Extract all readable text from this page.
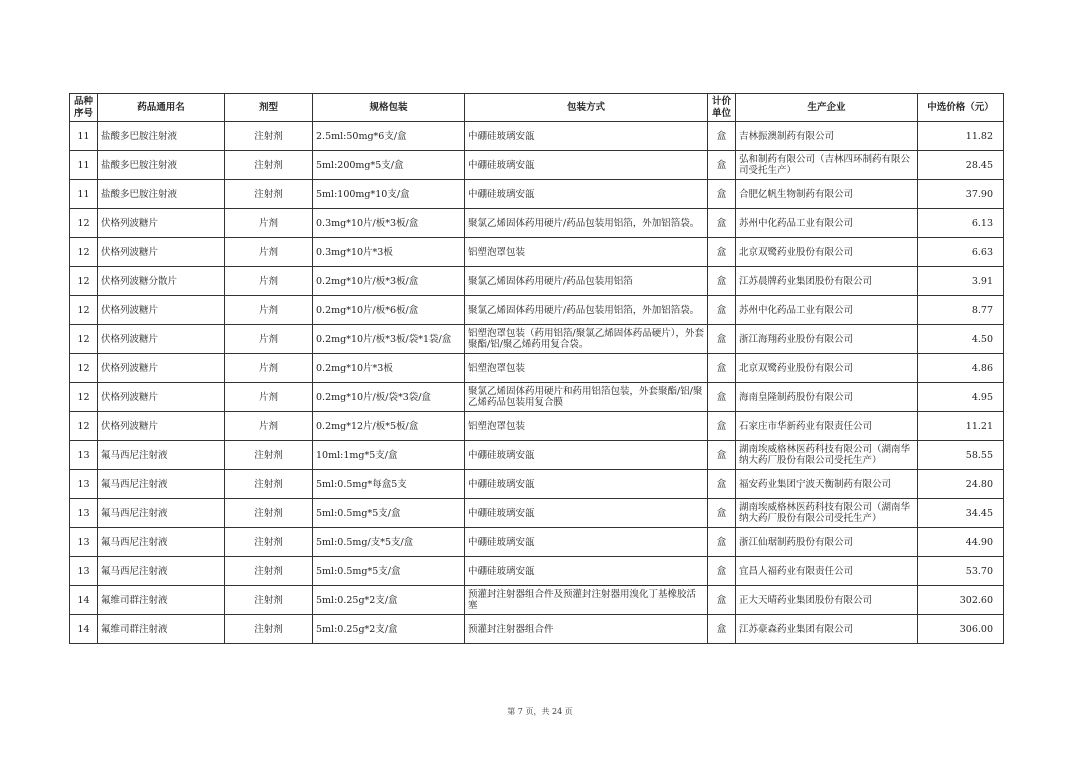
品种序号	药品通用名	剂型	规格包装	包装方式	计价单位	生产企业	中选价格（元）
11	盐酸多巴胺注射液	注射剂	2.5ml:50mg*6支/盒	中硼硅玻璃安瓿	盒	吉林振澳制药有限公司	11.82
11	盐酸多巴胺注射液	注射剂	5ml:200mg*5支/盒	中硼硅玻璃安瓿	盒	弘和制药有限公司（吉林四环制药有限公司受托生产）	28.45
11	盐酸多巴胺注射液	注射剂	5ml:100mg*10支/盒	中硼硅玻璃安瓿	盒	合肥亿帆生物制药有限公司	37.90
12	伏格列波糖片	片剂	0.3mg*10片/板*3板/盒	聚氯乙烯固体药用硬片/药品包装用铝箔，外加铝箔袋。	盒	苏州中化药品工业有限公司	6.13
12	伏格列波糖片	片剂	0.3mg*10片*3板	铝塑泡罩包装	盒	北京双鹭药业股份有限公司	6.63
12	伏格列波糖分散片	片剂	0.2mg*10片/板*3板/盒	聚氯乙烯固体药用硬片/药品包装用铝箔	盒	江苏晨牌药业集团股份有限公司	3.91
12	伏格列波糖片	片剂	0.2mg*10片/板*6板/盒	聚氯乙烯固体药用硬片/药品包装用铝箔，外加铝箔袋。	盒	苏州中化药品工业有限公司	8.77
12	伏格列波糖片	片剂	0.2mg*10片/板*3板/袋*1袋/盒	铝塑泡罩包装（药用铝箔/聚氯乙烯固体药品硬片），外套聚酯/铝/聚乙烯药用复合袋。	盒	浙江海翔药业股份有限公司	4.50
12	伏格列波糖片	片剂	0.2mg*10片*3板	铝塑泡罩包装	盒	北京双鹭药业股份有限公司	4.86
12	伏格列波糖片	片剂	0.2mg*10片/板/袋*3袋/盒	聚氯乙烯固体药用硬片和药用铝箔包装，外套聚酯/铝/聚乙烯药品包装用复合膜	盒	海南皇隆制药股份有限公司	4.95
12	伏格列波糖片	片剂	0.2mg*12片/板*5板/盒	铝塑泡罩包装	盒	石家庄市华新药业有限责任公司	11.21
13	氟马西尼注射液	注射剂	10ml:1mg*5支/盒	中硼硅玻璃安瓿	盒	湖南埃威格林医药科技有限公司（湖南华纳大药厂股份有限公司受托生产）	58.55
13	氟马西尼注射液	注射剂	5ml:0.5mg*每盒5支	中硼硅玻璃安瓿	盒	福安药业集团宁波天衡制药有限公司	24.80
13	氟马西尼注射液	注射剂	5ml:0.5mg*5支/盒	中硼硅玻璃安瓿	盒	湖南埃威格林医药科技有限公司（湖南华纳大药厂股份有限公司受托生产）	34.45
13	氟马西尼注射液	注射剂	5ml:0.5mg/支*5支/盒	中硼硅玻璃安瓿	盒	浙江仙琚制药股份有限公司	44.90
13	氟马西尼注射液	注射剂	5ml:0.5mg*5支/盒	中硼硅玻璃安瓿	盒	宜昌人福药业有限责任公司	53.70
14	氟维司群注射液	注射剂	5ml:0.25g*2支/盒	预灌封注射器组合件及预灌封注射器用溴化丁基橡胶活塞	盒	正大天晴药业集团股份有限公司	302.60
14	氟维司群注射液	注射剂	5ml:0.25g*2支/盒	预灌封注射器组合件	盒	江苏豪森药业集团有限公司	306.00
第 7 页，共 24 页
